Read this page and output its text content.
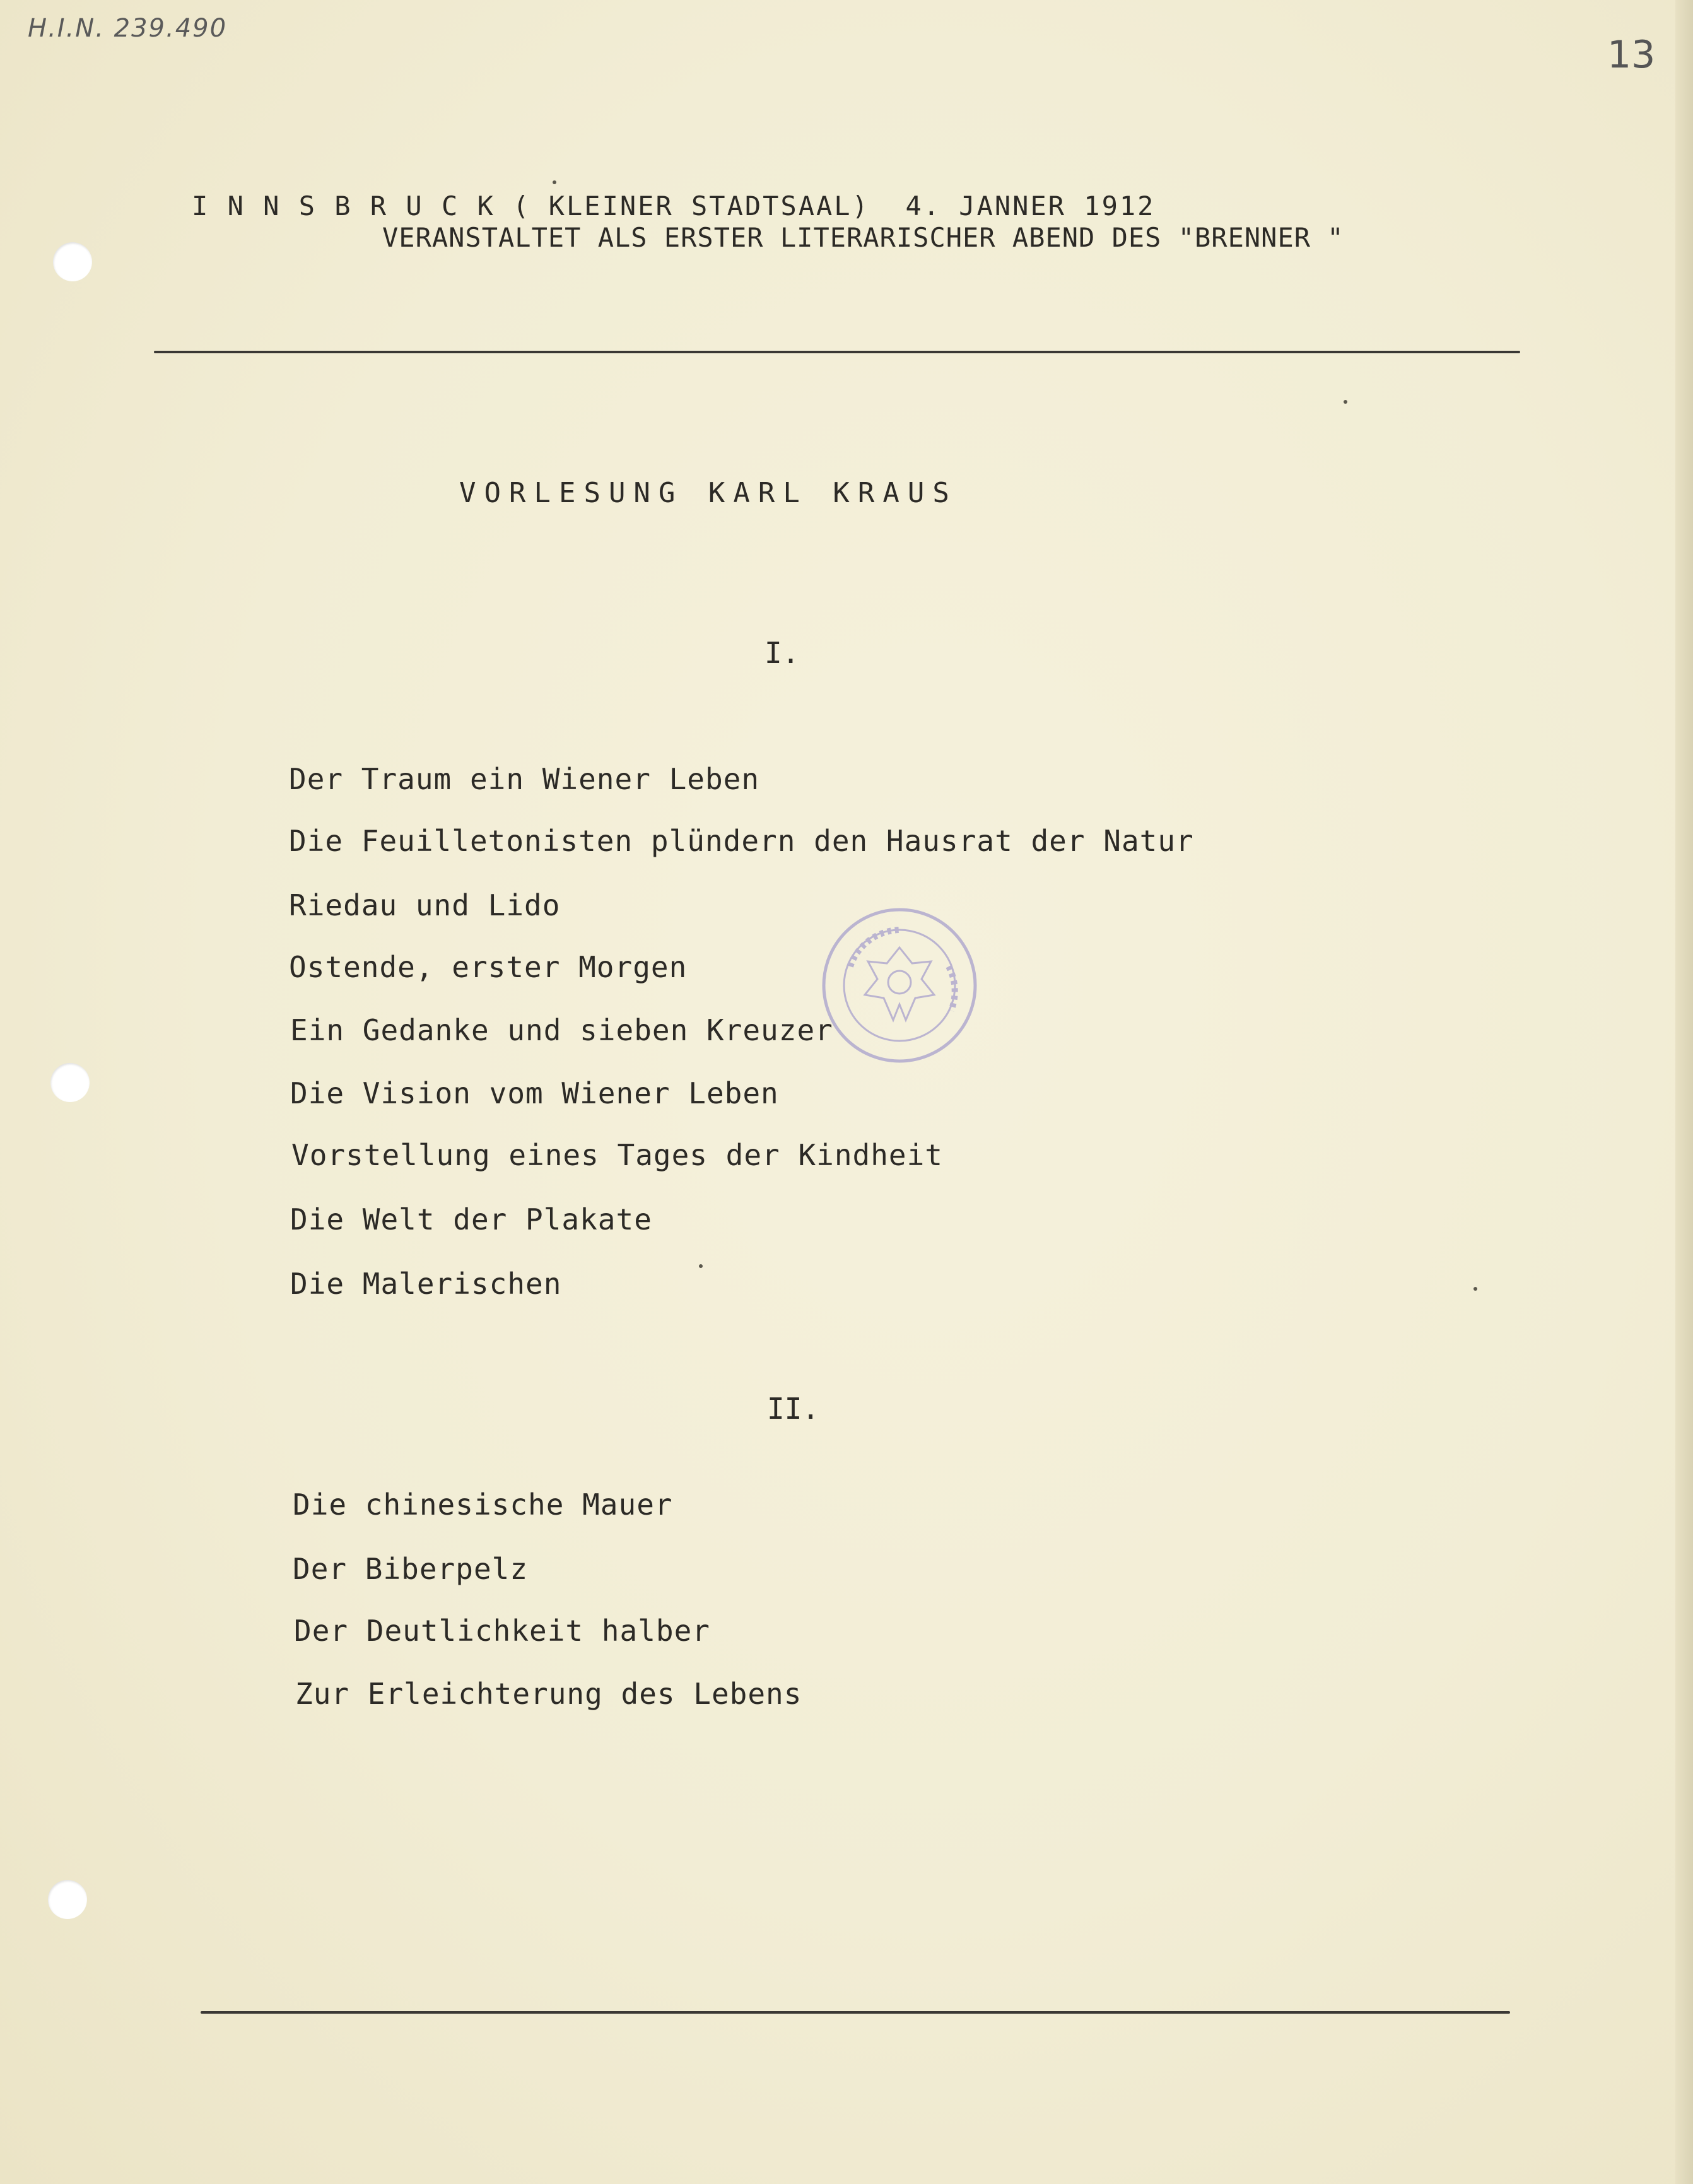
H.I.N. 239.490
13
I N N S B R U C K ( KLEINER STADTSAAL)  4. JANNER 1912
VERANSTALTET ALS ERSTER LITERARISCHER ABEND DES "BRENNER "
VORLESUNG KARL KRAUS
I.
Der Traum ein Wiener Leben
Die Feuilletonisten plündern den Hausrat der Natur
Riedau und Lido
Ostende, erster Morgen
Ein Gedanke und sieben Kreuzer
Die Vision vom Wiener Leben
Vorstellung eines Tages der Kindheit
Die Welt der Plakate
Die Malerischen
II.
Die chinesische Mauer
Der Biberpelz
Der Deutlichkeit halber
Zur Erleichterung des Lebens
